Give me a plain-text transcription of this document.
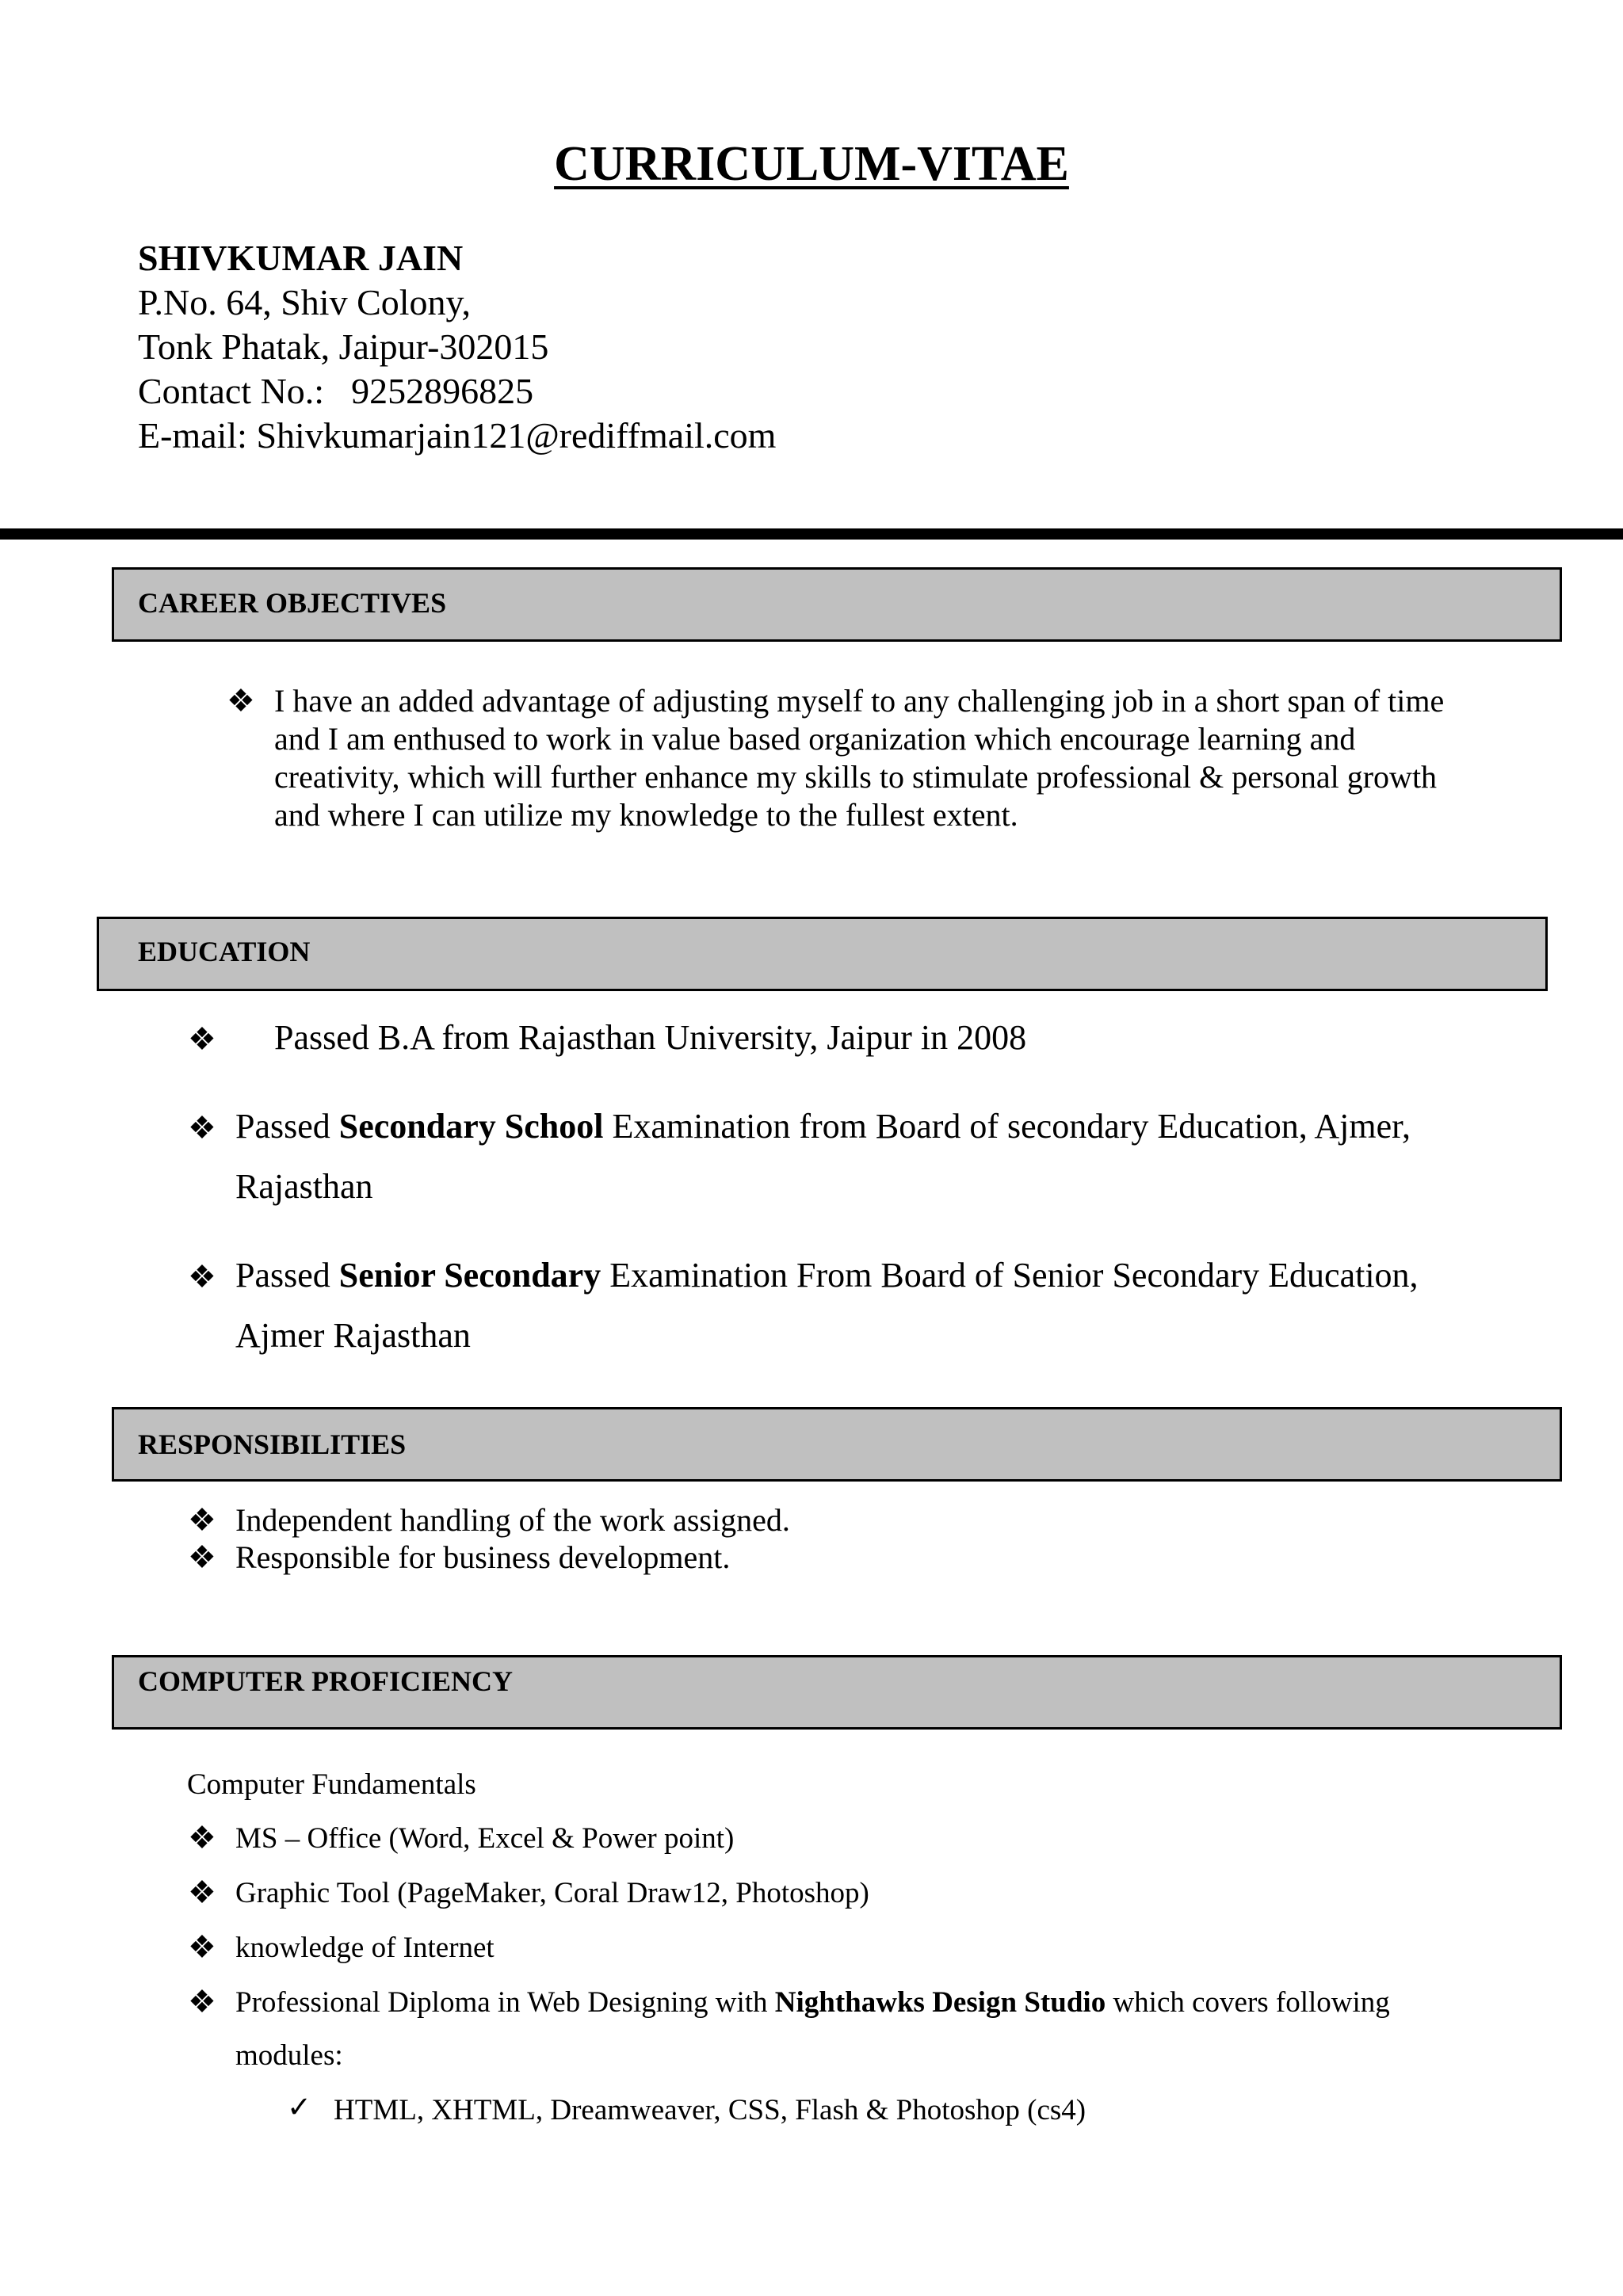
CURRICULUM-VITAE
SHIVKUMAR JAIN
P.No. 64, Shiv Colony,
Tonk Phatak, Jaipur-302015
Contact No.: 9252896825
E-mail: Shivkumarjain121@rediffmail.com
CAREER OBJECTIVES
❖ I have an added advantage of adjusting myself to any challenging job in a short span of time
and I am enthused to work in value based organization which encourage learning and
creativity, which will further enhance my skills to stimulate professional & personal growth
and where I can utilize my knowledge to the fullest extent.
EDUCATION
❖ Passed B.A from Rajasthan University, Jaipur in 2008
❖ Passed Secondary School Examination from Board of secondary Education, Ajmer,
Rajasthan
❖ Passed Senior Secondary Examination From Board of Senior Secondary Education,
Ajmer Rajasthan
RESPONSIBILITIES
❖ Independent handling of the work assigned.
❖ Responsible for business development.
COMPUTER PROFICIENCY
Computer Fundamentals
❖ MS – Office (Word, Excel & Power point)
❖ Graphic Tool (PageMaker, Coral Draw12, Photoshop)
❖ knowledge of Internet
❖ Professional Diploma in Web Designing with Nighthawks Design Studio which covers following
modules:
✓ HTML, XHTML, Dreamweaver, CSS, Flash & Photoshop (cs4)
